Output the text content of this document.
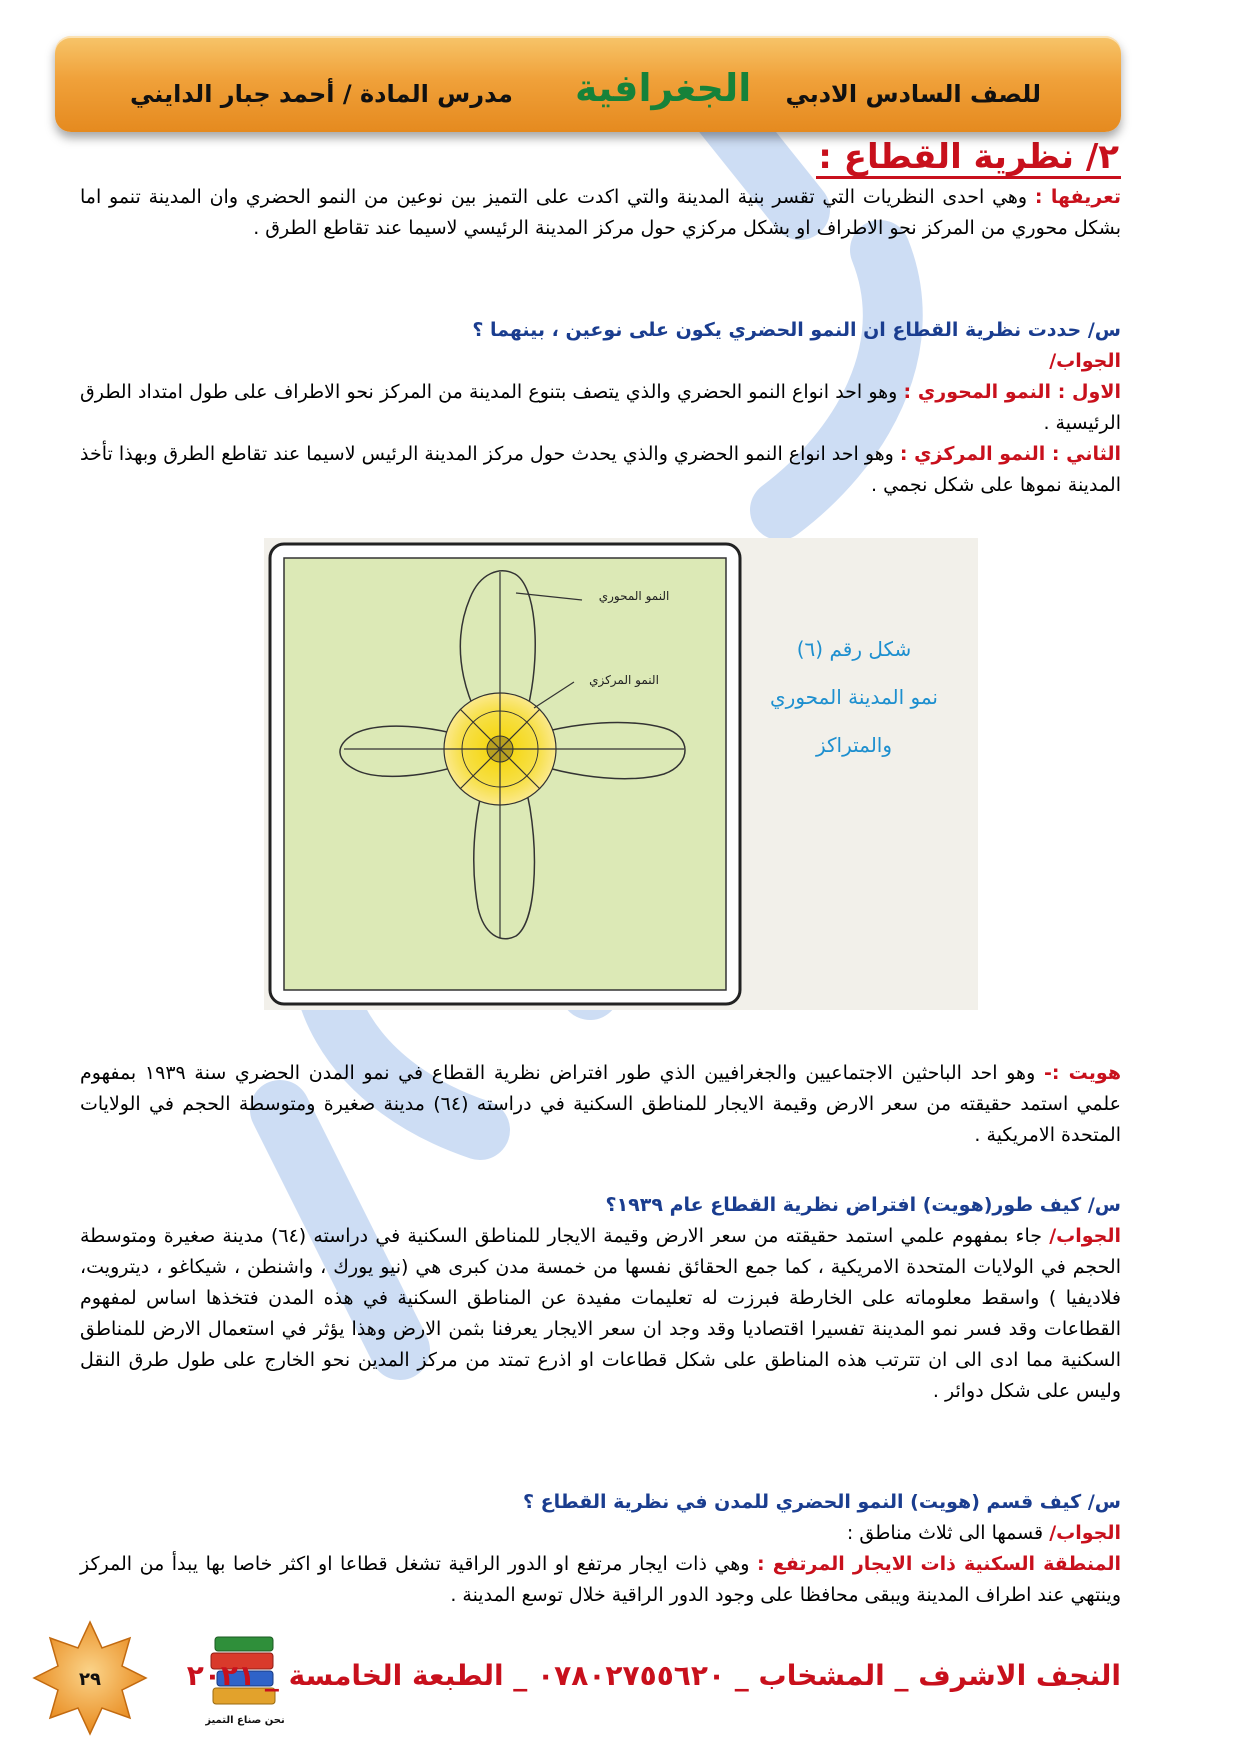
للصف السادس الادبي
الجغرافية
مدرس المادة / أحمد جبار الدايني
٢/ نظرية القطاع :
تعريفها : وهي احدى النظريات التي تقسر بنية المدينة والتي اكدت على التميز بين نوعين من النمو الحضري وان المدينة تنمو اما بشكل محوري من المركز نحو الاطراف او بشكل مركزي حول مركز المدينة الرئيسي لاسيما عند تقاطع الطرق .
س/ حددت نظرية القطاع ان النمو الحضري يكون على نوعين ، بينهما ؟
الجواب/
الاول : النمو المحوري : وهو احد انواع النمو الحضري والذي يتصف بتنوع المدينة من المركز نحو الاطراف على طول امتداد الطرق الرئيسية .
الثاني : النمو المركزي : وهو احد انواع النمو الحضري والذي يحدث حول مركز المدينة الرئيس لاسيما عند تقاطع الطرق وبهذا تأخذ المدينة نموها على شكل نجمي .
النمو المحوري
النمو المركزي
شكل رقم (٦)
نمو المدينة المحوري
والمتراكز
هويت :- وهو احد الباحثين الاجتماعيين والجغرافيين الذي طور افتراض نظرية القطاع في نمو المدن الحضري سنة ١٩٣٩ بمفهوم علمي استمد حقيقته من سعر الارض وقيمة الايجار للمناطق السكنية في دراسته (٦٤) مدينة صغيرة ومتوسطة الحجم في الولايات المتحدة الامريكية .
س/ كيف طور(هويت) افتراض نظرية القطاع عام ١٩٣٩؟
الجواب/ جاء بمفهوم علمي استمد حقيقته من سعر الارض وقيمة الايجار للمناطق السكنية في دراسته (٦٤) مدينة صغيرة ومتوسطة الحجم في الولايات المتحدة الامريكية ، كما جمع الحقائق نفسها من خمسة مدن كبرى هي (نيو يورك ، واشنطن ، شيكاغو ، ديترويت، فلاديفيا ) واسقط معلوماته على الخارطة فبرزت له تعليمات مفيدة عن المناطق السكنية في هذه المدن فتخذها اساس لمفهوم القطاعات وقد فسر نمو المدينة تفسيرا اقتصاديا وقد وجد ان سعر الايجار يعرفنا بثمن الارض وهذا يؤثر في استعمال الارض للمناطق السكنية مما ادى الى ان تترتب هذه المناطق على شكل قطاعات او اذرع تمتد من مركز المدين نحو الخارج على طول طرق النقل وليس على شكل دوائر .
س/ كيف قسم (هويت) النمو الحضري للمدن في نظرية القطاع ؟
الجواب/ قسمها الى ثلاث مناطق :
المنطقة السكنية ذات الايجار المرتفع : وهي ذات ايجار مرتفع او الدور الراقية تشغل قطاعا او اكثر خاصا بها يبدأ من المركز وينتهي عند اطراف المدينة ويبقى محافظا على وجود الدور الراقية خلال توسع المدينة .
٢٩
نحن صناع التميز
النجف الاشرف _ المشخاب _ ٠٧٨٠٢٧٥٥٦٢٠ _ الطبعة الخامسة _ ٢٠٢١
